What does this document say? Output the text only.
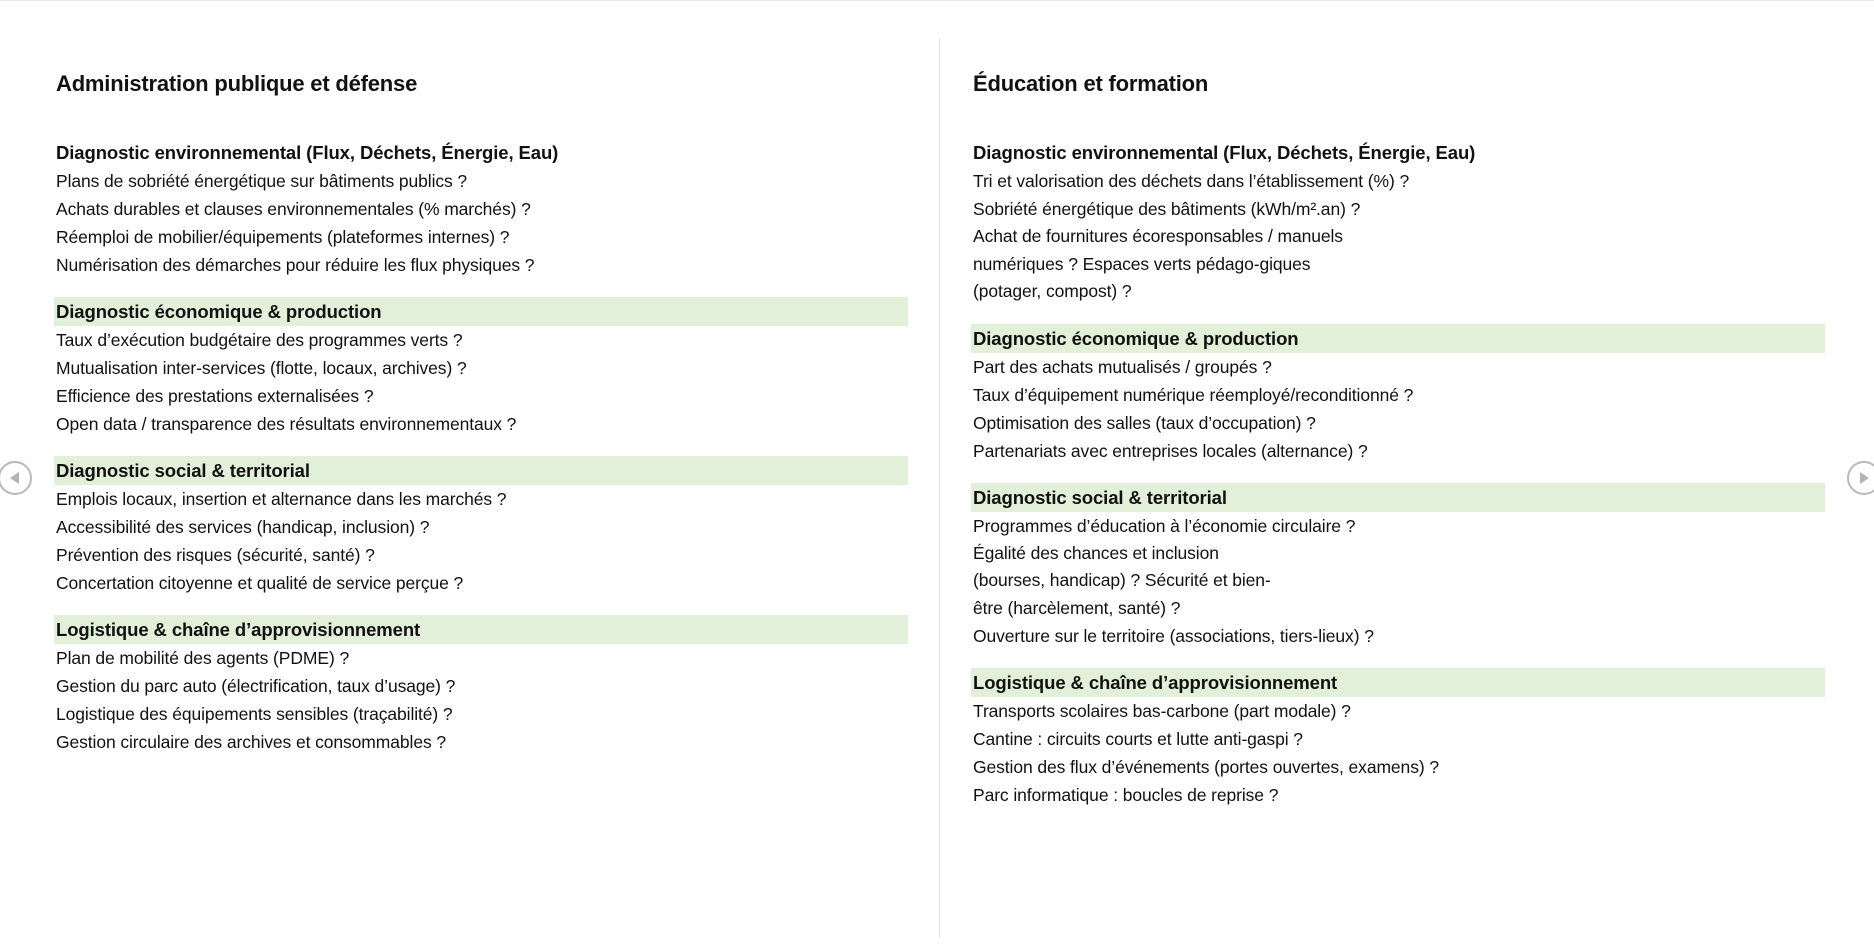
Administration publique et défense
Diagnostic environnemental (Flux, Déchets, Énergie, Eau)
Plans de sobriété énergétique sur bâtiments publics ?
Achats durables et clauses environnementales (% marchés) ?
Réemploi de mobilier/équipements (plateformes internes) ?
Numérisation des démarches pour réduire les flux physiques ?
Diagnostic économique & production
Taux d’exécution budgétaire des programmes verts ?
Mutualisation inter-services (flotte, locaux, archives) ?
Efficience des prestations externalisées ?
Open data / transparence des résultats environnementaux ?
Diagnostic social & territorial
Emplois locaux, insertion et alternance dans les marchés ?
Accessibilité des services (handicap, inclusion) ?
Prévention des risques (sécurité, santé) ?
Concertation citoyenne et qualité de service perçue ?
Logistique & chaîne d’approvisionnement
Plan de mobilité des agents (PDME) ?
Gestion du parc auto (électrification, taux d’usage) ?
Logistique des équipements sensibles (traçabilité) ?
Gestion circulaire des archives et consommables ?
Éducation et formation
Diagnostic environnemental (Flux, Déchets, Énergie, Eau)
Tri et valorisation des déchets dans l’établissement (%) ?
Sobriété énergétique des bâtiments (kWh/m².an) ?
Achat de fournitures écoresponsables / manuels numériques ? Espaces verts pédago-giques (potager, compost) ?
Diagnostic économique & production
Part des achats mutualisés / groupés ?
Taux d’équipement numérique réemployé/reconditionné ?
Optimisation des salles (taux d’occupation) ?
Partenariats avec entreprises locales (alternance) ?
Diagnostic social & territorial
Programmes d’éducation à l’économie circulaire ?
Égalité des chances et inclusion (bourses, handicap) ? Sécurité et bien-être (harcèlement, santé) ?
Ouverture sur le territoire (associations, tiers-lieux) ?
Logistique & chaîne d’approvisionnement
Transports scolaires bas-carbone (part modale) ?
Cantine : circuits courts et lutte anti-gaspi ?
Gestion des flux d’événements (portes ouvertes, examens) ?
Parc informatique : boucles de reprise ?
